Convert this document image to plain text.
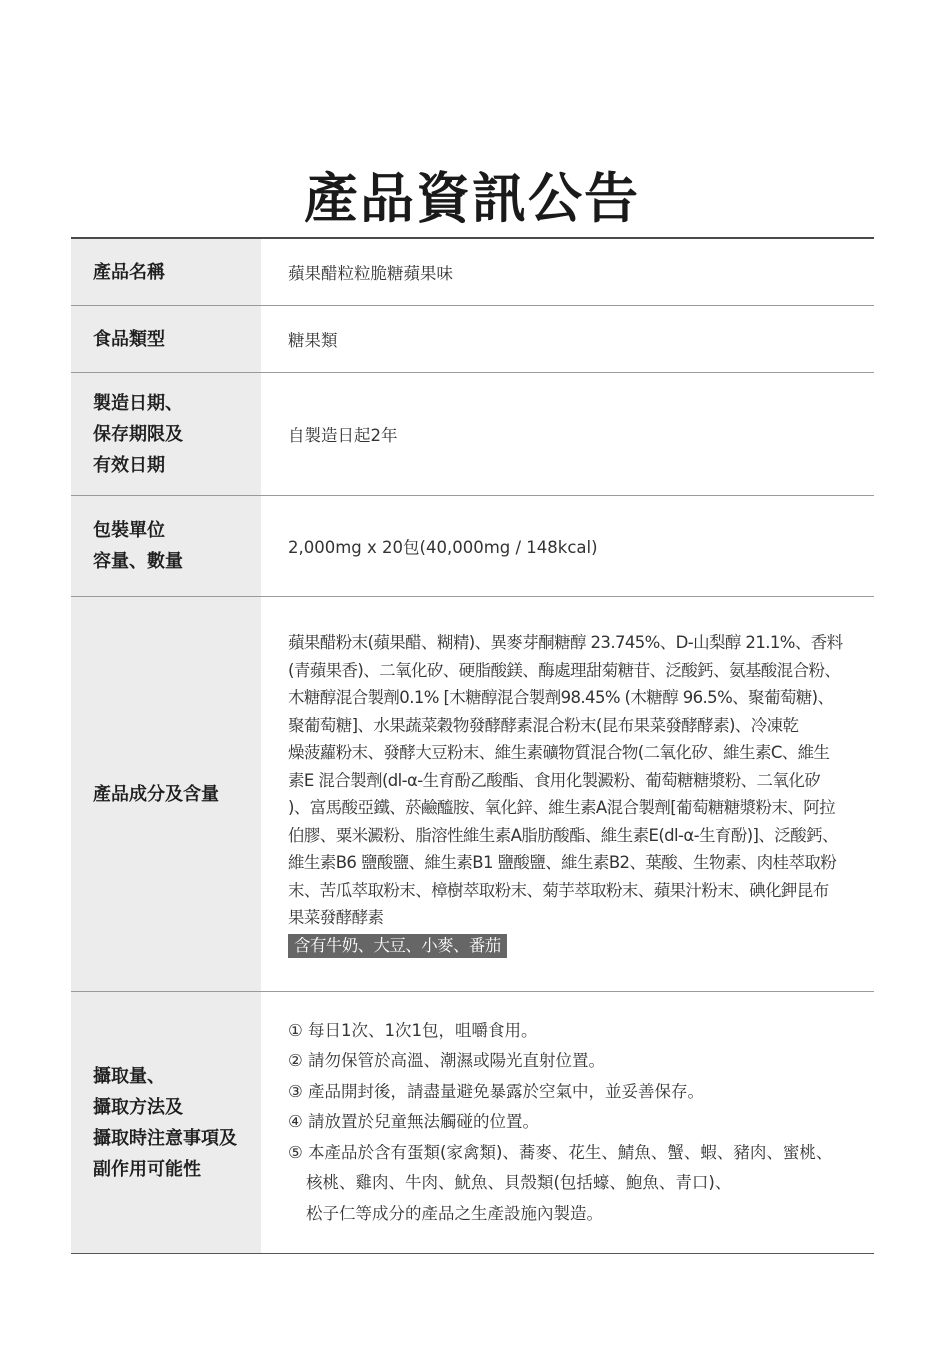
產品資訊公告
產品名稱	蘋果醋粒粒脆糖蘋果味
食品類型	糖果類
製造日期、
保存期限及
有效日期
自製造日起2年
包裝單位
容量、數量
2,000mg x 20包(40,000mg / 148kcal)
產品成分及含量
蘋果醋粉末(蘋果醋、糊精)、異麥芽酮糖醇 23.745%、D-山梨醇 21.1%、香料
(青蘋果香)、二氧化矽、硬脂酸鎂、酶處理甜菊糖苷、泛酸鈣、氨基酸混合粉、
木糖醇混合製劑0.1% [木糖醇混合製劑98.45% (木糖醇 96.5%、聚葡萄糖)、
聚葡萄糖]、水果蔬菜穀物發酵酵素混合粉末(昆布果菜發酵酵素)、冷凍乾
燥菠蘿粉末、發酵大豆粉末、維生素礦物質混合物(二氧化矽、維生素C、維生
素E 混合製劑(dl-α-生育酚乙酸酯、食用化製澱粉、葡萄糖糖漿粉、二氧化矽
)、富馬酸亞鐵、菸鹼醯胺、氧化鋅、維生素A混合製劑[葡萄糖糖漿粉末、阿拉
伯膠、粟米澱粉、脂溶性維生素A脂肪酸酯、維生素E(dl-α-生育酚)]、泛酸鈣、
維生素B6 鹽酸鹽、維生素B1 鹽酸鹽、維生素B2、葉酸、生物素、肉桂萃取粉
末、苦瓜萃取粉末、樟樹萃取粉末、菊芋萃取粉末、蘋果汁粉末、碘化鉀昆布
果菜發酵酵素
含有牛奶、大豆、小麥、番茄
攝取量、
攝取方法及
攝取時注意事項及
副作用可能性
① 每日1次、1次1包，咀嚼食用。
② 請勿保管於高溫、潮濕或陽光直射位置。
③ 產品開封後，請盡量避免暴露於空氣中，並妥善保存。
④ 請放置於兒童無法觸碰的位置。
⑤ 本產品於含有蛋類(家禽類)、蕎麥、花生、鯖魚、蟹、蝦、豬肉、蜜桃、
核桃、雞肉、牛肉、魷魚、貝殼類(包括蠔、鮑魚、青口)、
松子仁等成分的產品之生產設施內製造。
